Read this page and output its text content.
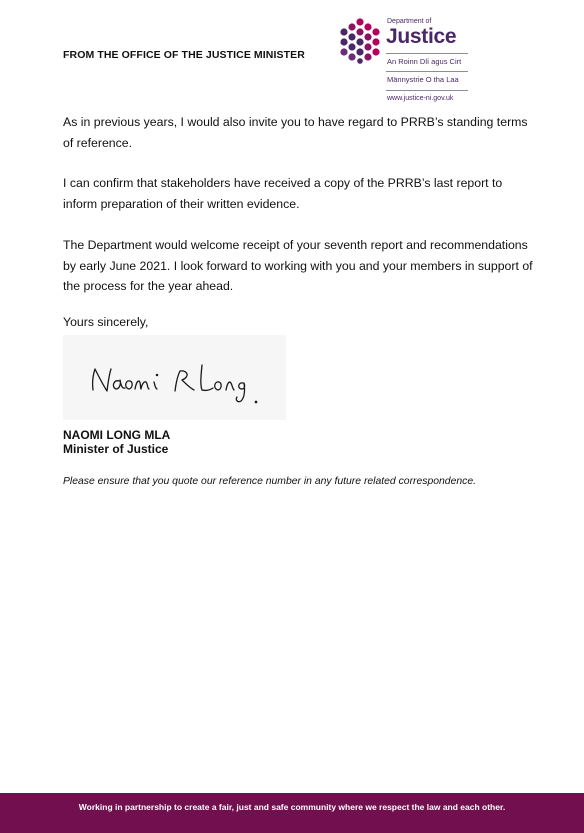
FROM THE OFFICE OF THE JUSTICE MINISTER
Department of
Justice
An Roinn Dlí agus Cirt
Männystrie O tha Laa
www.justice-ni.gov.uk

As in previous years, I would also invite you to have regard to PRRB’s standing terms of reference.

I can confirm that stakeholders have received a copy of the PRRB’s last report to inform preparation of their written evidence.

The Department would welcome receipt of your seventh report and recommendations by early June 2021. I look forward to working with you and your members in support of the process for the year ahead.

Yours sincerely,
NAOMI LONG MLA
Minister of Justice
Please ensure that you quote our reference number in any future related correspondence.
Working in partnership to create a fair, just and safe community where we respect the law and each other.
